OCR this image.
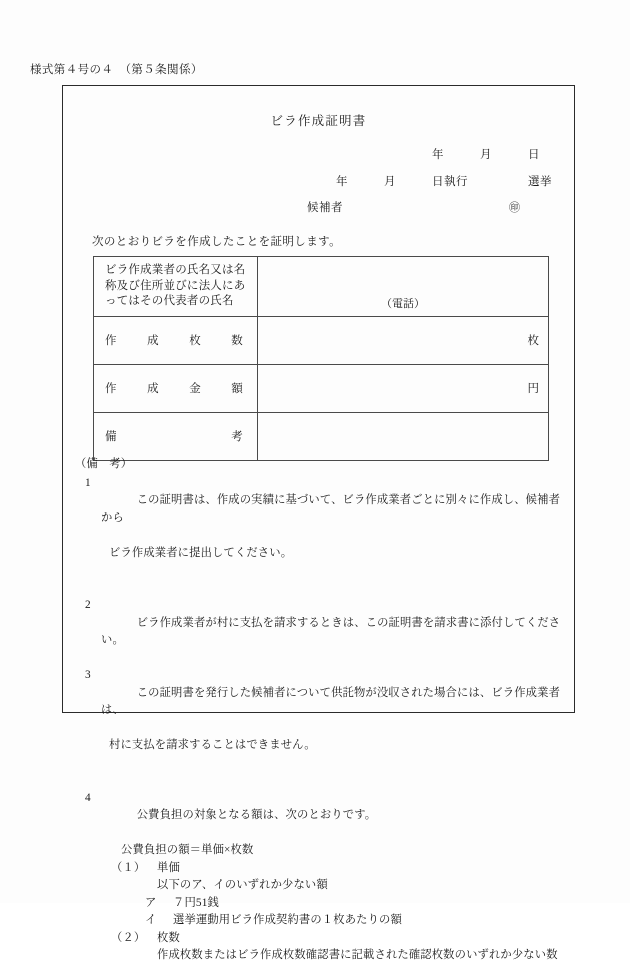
様式第４号の４　（第５条関係）
ビラ作成証明書
年　　　月　　　日
年　　　月　　　日執行　　　　　選挙
候補者	㊞
次のとおりビラを作成したことを証明します。
ビラ作成業者の氏名又は名
称及び住所並びに法人にあ
ってはその代表者の氏名	（電話）

作 成 枚 数	枚

作 成 金 額	円

備 考	

（備　考）
1

この証明書は、作成の実績に基づいて、ビラ作成業者ごとに別々に作成し、候補者から

ビラ作成業者に提出してください。

2

ビラ作成業者が村に支払を請求するときは、この証明書を請求書に添付してください。

3

この証明書を発行した候補者について供託物が没収された場合には、ビラ作成業者は、

村に支払を請求することはできません。

4

公費負担の対象となる額は、次のとおりです。

公費負担の額＝単価×枚数
（１）	単価
以下のア、イのいずれか少ない額
ア	７円51銭
イ	選挙運動用ビラ作成契約書の１枚あたりの額
（２）	枚数
作成枚数またはビラ作成枚数確認書に記載された確認枚数のいずれか少ない数
